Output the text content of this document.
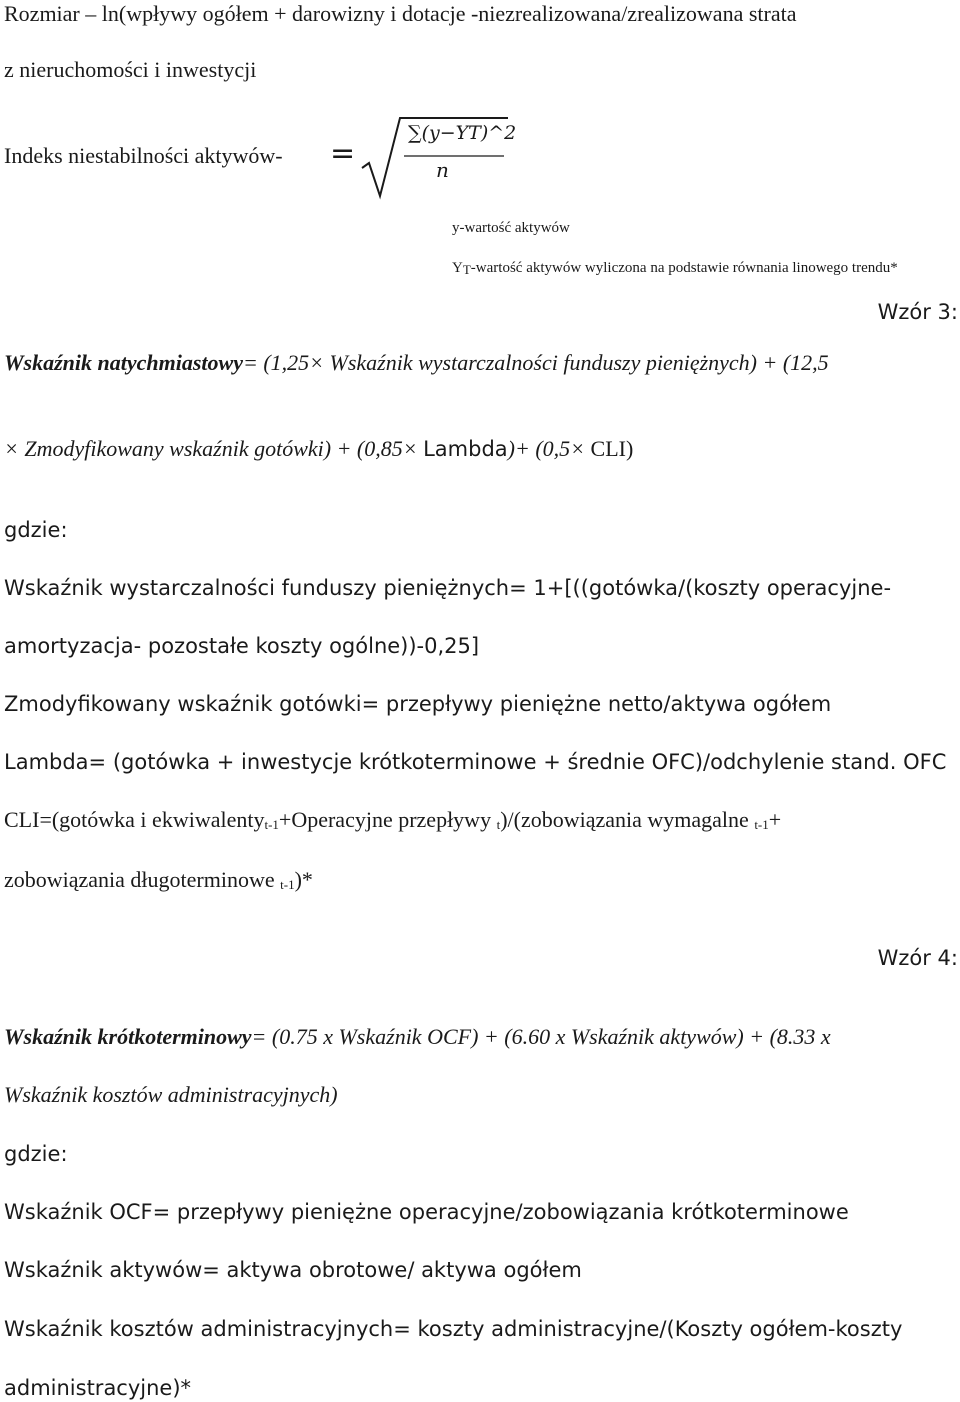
Rozmiar – ln(wpływy ogółem + darowizny i dotacje -niezrealizowana/zrealizowana strata
z nieruchomości i inwestycji
Indeks niestabilności aktywów- =
∑(y−YT)^2
n
y-wartość aktywów
$Y_T$-wartość aktywów wyliczona na podstawie równania linowego trendu*
Wzór 3:
Wskaźnik natychmiastowy= (1,25× Wskaźnik wystarczalności funduszy pieniężnych) + (12,5
× Zmodyfikowany wskaźnik gotówki) + (0,85× Lambda)+ (0,5× CLI)
gdzie:
Wskaźnik wystarczalności funduszy pieniężnych= 1+[((gotówka/(koszty operacyjne-
amortyzacja- pozostałe koszty ogólne))-0,25]
Zmodyfikowany wskaźnik gotówki= przepływy pieniężne netto/aktywa ogółem
Lambda= (gotówka + inwestycje krótkoterminowe + średnie OFC)/odchylenie stand. OFC
CLI=(gotówka i ekwiwalenty$_{t-1}$+Operacyjne przepływy $_t$)/(zobowiązania wymagalne $_{t-1}$+
zobowiązania długoterminowe $_{t-1}$)*
Wzór 4:
Wskaźnik krótkoterminowy= (0.75 x Wskaźnik OCF) + (6.60 x Wskaźnik aktywów) + (8.33 x
Wskaźnik kosztów administracyjnych)
gdzie:
Wskaźnik OCF= przepływy pieniężne operacyjne/zobowiązania krótkoterminowe
Wskaźnik aktywów= aktywa obrotowe/ aktywa ogółem
Wskaźnik kosztów administracyjnych= koszty administracyjne/(Koszty ogółem-koszty
administracyjne)*
